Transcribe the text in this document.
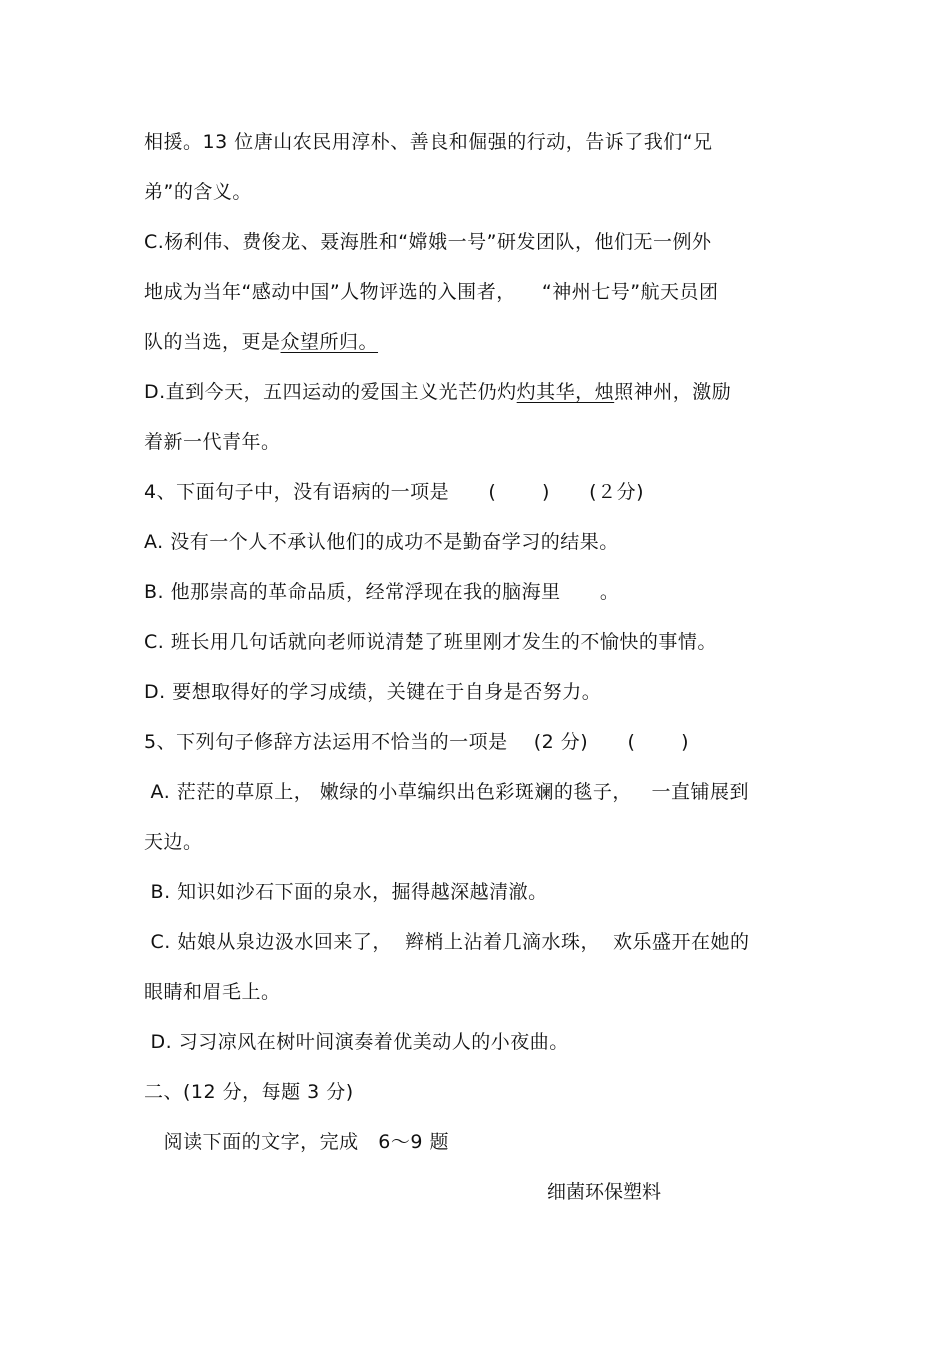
相援。13 位唐山农民用淳朴、善良和倔强的行动，告诉了我们“兄
弟”的含义。
C.杨利伟、费俊龙、聂海胜和“嫦娥一号”研发团队，他们无一例外
地成为当年“感动中国”人物评选的入围者，    “神州七号”航天员团
队的当选，更是众望所归。
D.直到今天，五四运动的爱国主义光芒仍灼灼其华，烛照神州，激励
着新一代青年。
4、下面句子中，没有语病的一项是      (       )      (２分)
A. 没有一个人不承认他们的成功不是勤奋学习的结果。
B. 他那崇高的革命品质，经常浮现在我的脑海里      。
C. 班长用几句话就向老师说清楚了班里刚才发生的不愉快的事情。
D. 要想取得好的学习成绩，关键在于自身是否努力。
5、下列句子修辞方法运用不恰当的一项是    (2 分)      (       )
A. 茫茫的草原上， 嫩绿的小草编织出色彩斑斓的毯子，   一直铺展到
天边。
B. 知识如沙石下面的泉水，掘得越深越清澈。
C. 姑娘从泉边汲水回来了，  辫梢上沾着几滴水珠，  欢乐盛开在她的
眼睛和眉毛上。
D. 习习凉风在树叶间演奏着优美动人的小夜曲。
二、(12 分，每题 3 分)
阅读下面的文字，完成   6～9 题
细菌环保塑料
